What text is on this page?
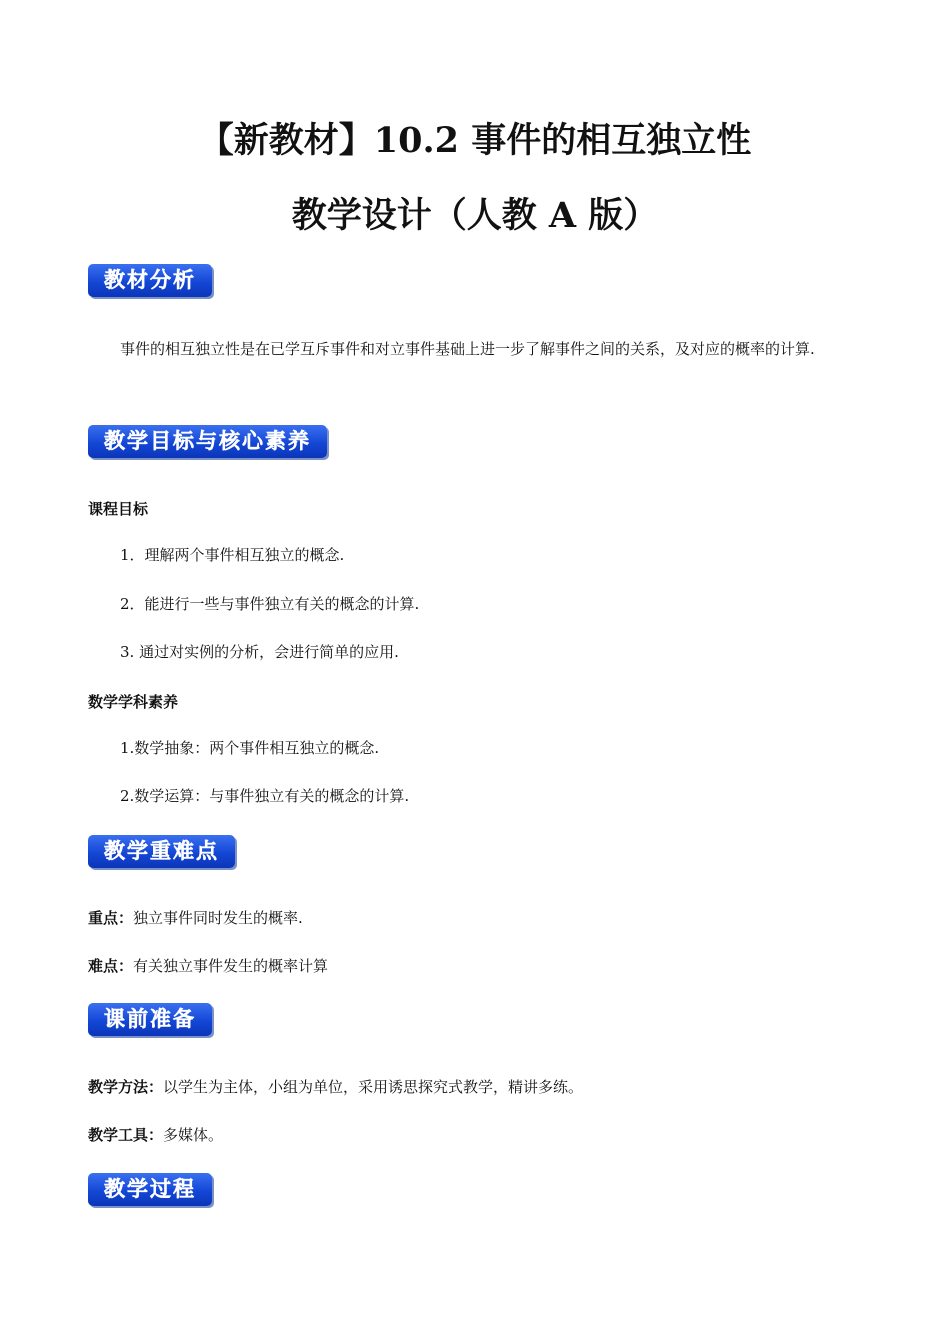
【新教材】10.2 事件的相互独立性
教学设计（人教 A 版）
教材分析

事件的相互独立性是在已学互斥事件和对立事件基础上进一步了解事件之间的关系，及对应的概率的计算.

教学目标与核心素养
课程目标
1．理解两个事件相互独立的概念.
2．能进行一些与事件独立有关的概念的计算.
3. 通过对实例的分析，会进行简单的应用.
数学学科素养
1.数学抽象：两个事件相互独立的概念.
2.数学运算：与事件独立有关的概念的计算.
教学重难点
重点：独立事件同时发生的概率.
难点：有关独立事件发生的概率计算
课前准备
教学方法：以学生为主体，小组为单位，采用诱思探究式教学，精讲多练。
教学工具：多媒体。
教学过程
